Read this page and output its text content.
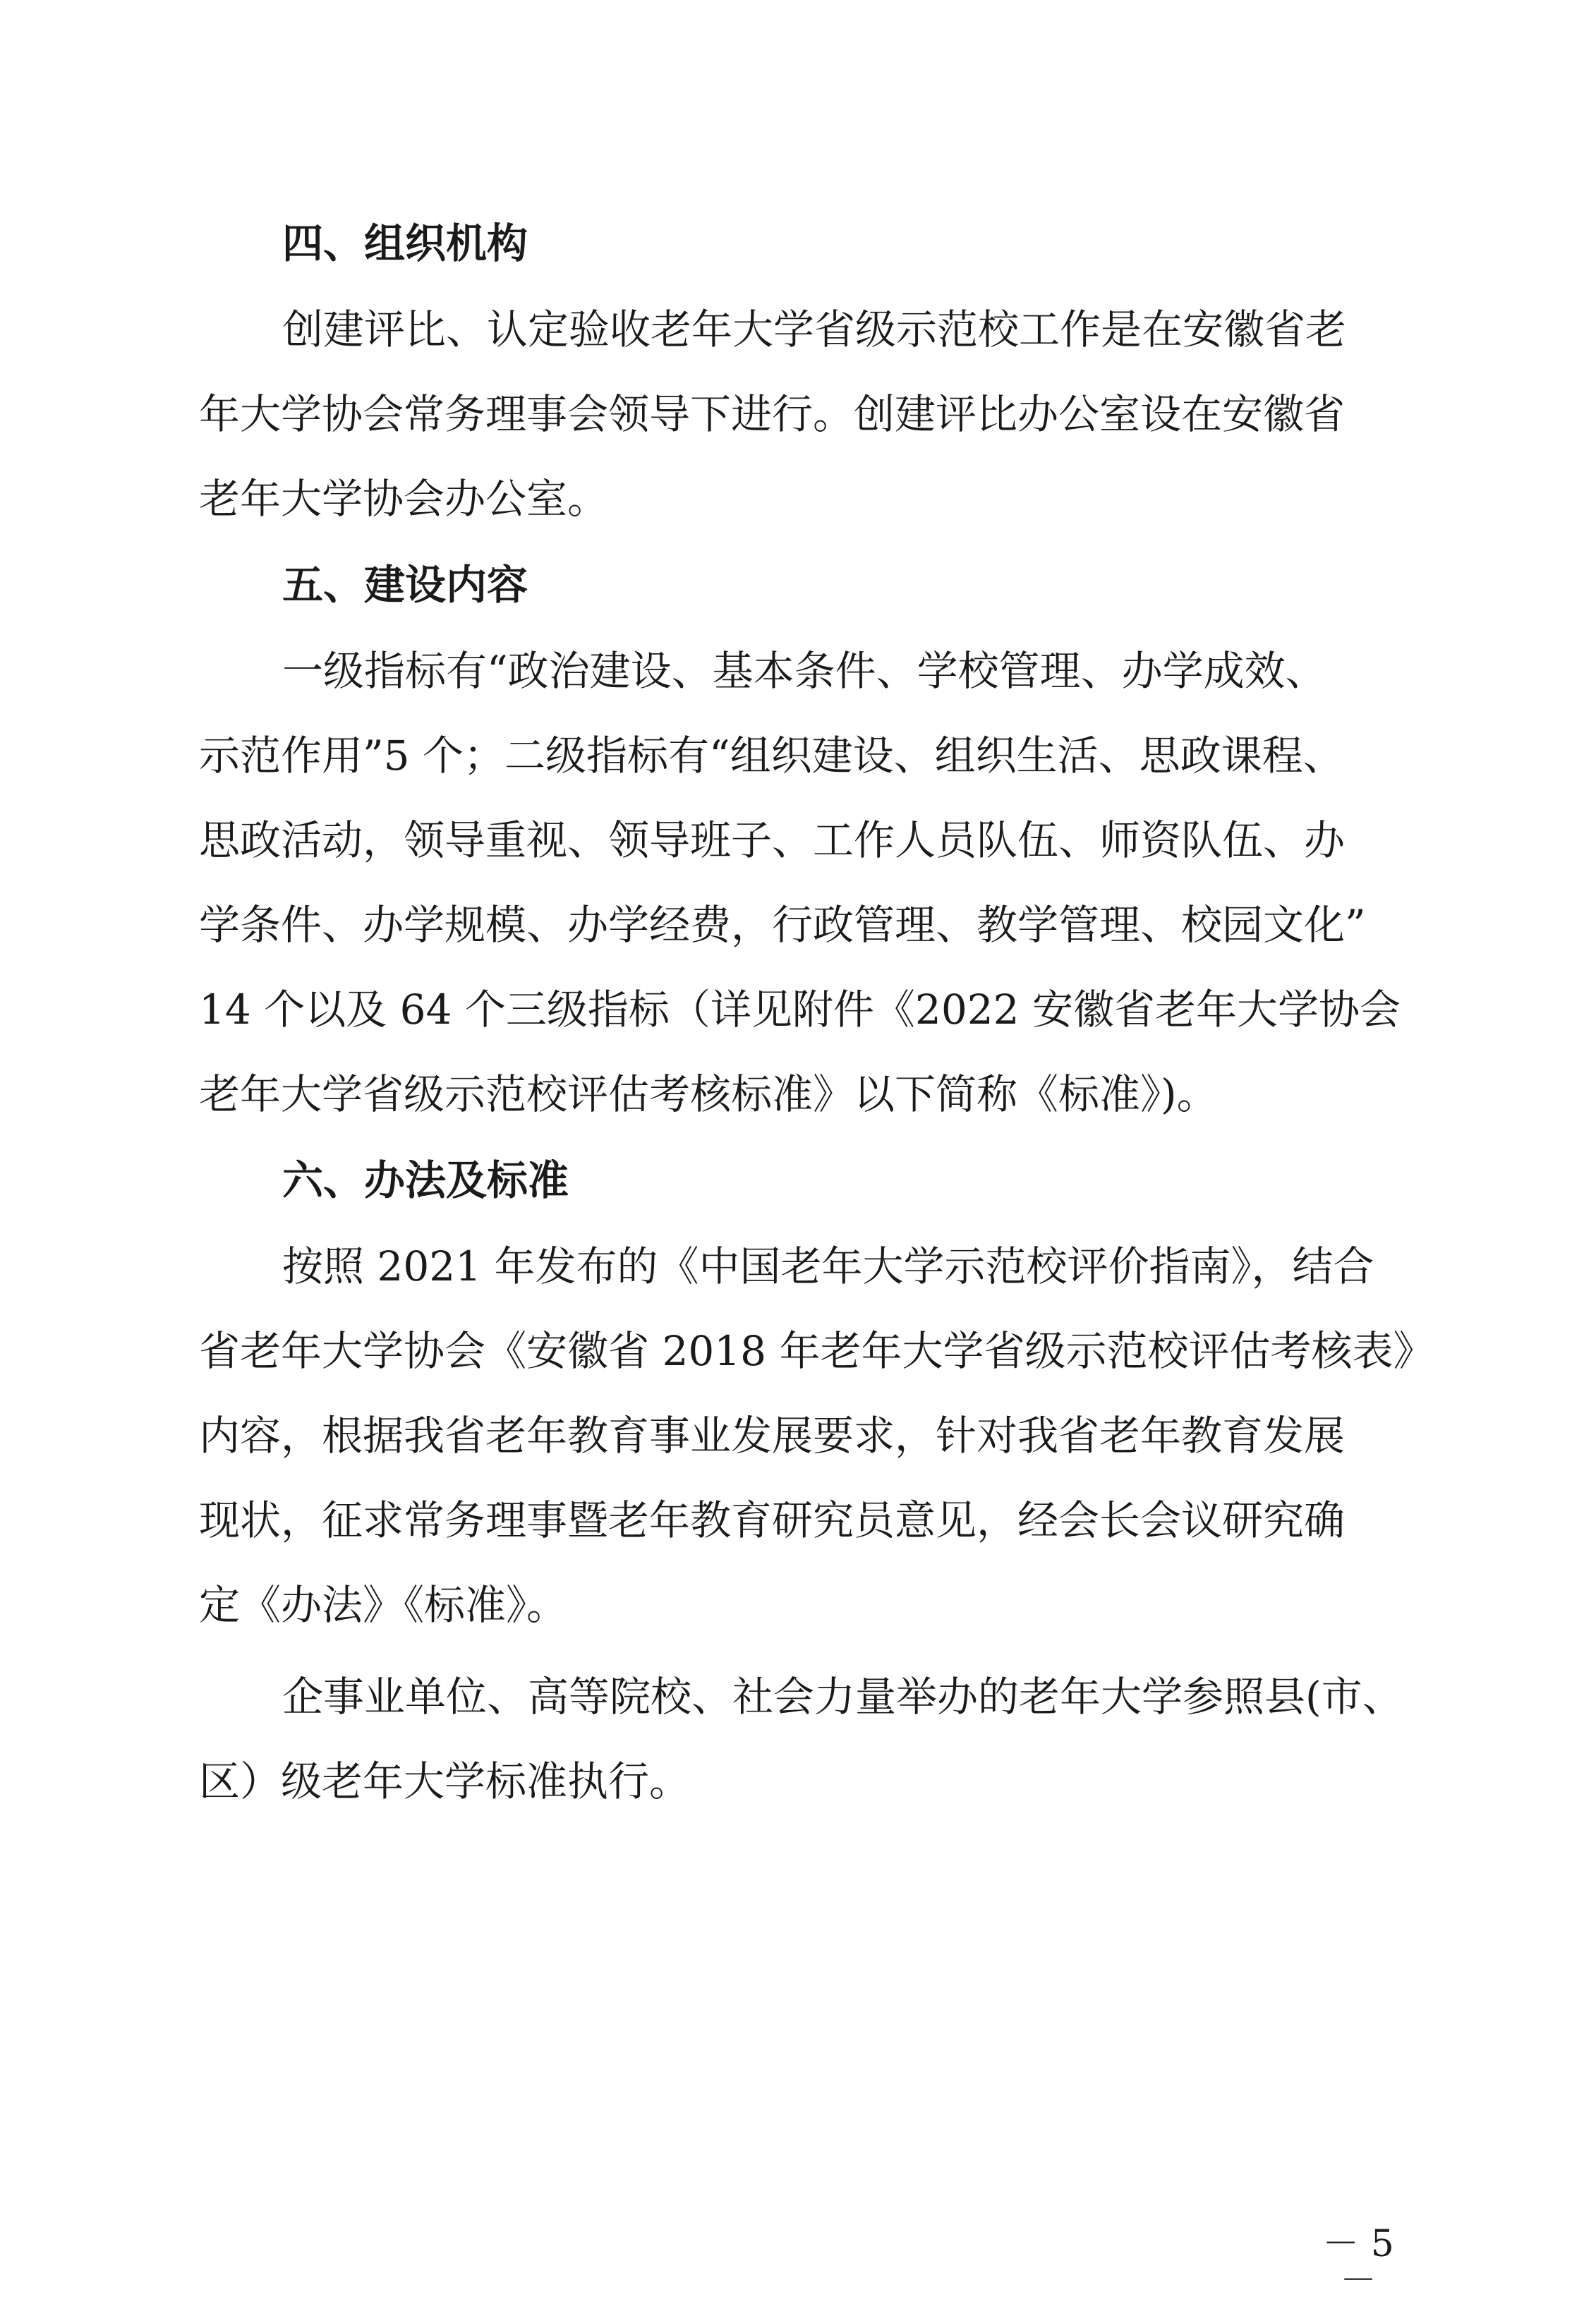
四、组织机构
创建评比、认定验收老年大学省级示范校工作是在安徽省老
年大学协会常务理事会领导下进行。创建评比办公室设在安徽省
老年大学协会办公室。
五、建设内容
一级指标有“政治建设、基本条件、学校管理、办学成效、
示范作用”5 个；二级指标有“组织建设、组织生活、思政课程、
思政活动，领导重视、领导班子、工作人员队伍、师资队伍、办
学条件、办学规模、办学经费，行政管理、教学管理、校园文化”
14 个以及 64 个三级指标（详见附件《2022 安徽省老年大学协会
老年大学省级示范校评估考核标准》以下简称《标准》)。
六、办法及标准
按照 2021 年发布的《中国老年大学示范校评价指南》，结合
省老年大学协会《安徽省 2018 年老年大学省级示范校评估考核表》
内容，根据我省老年教育事业发展要求，针对我省老年教育发展
现状，征求常务理事暨老年教育研究员意见，经会长会议研究确
定《办法》《标准》。
企事业单位、高等院校、社会力量举办的老年大学参照县(市、
区）级老年大学标准执行。
－ 5 －
